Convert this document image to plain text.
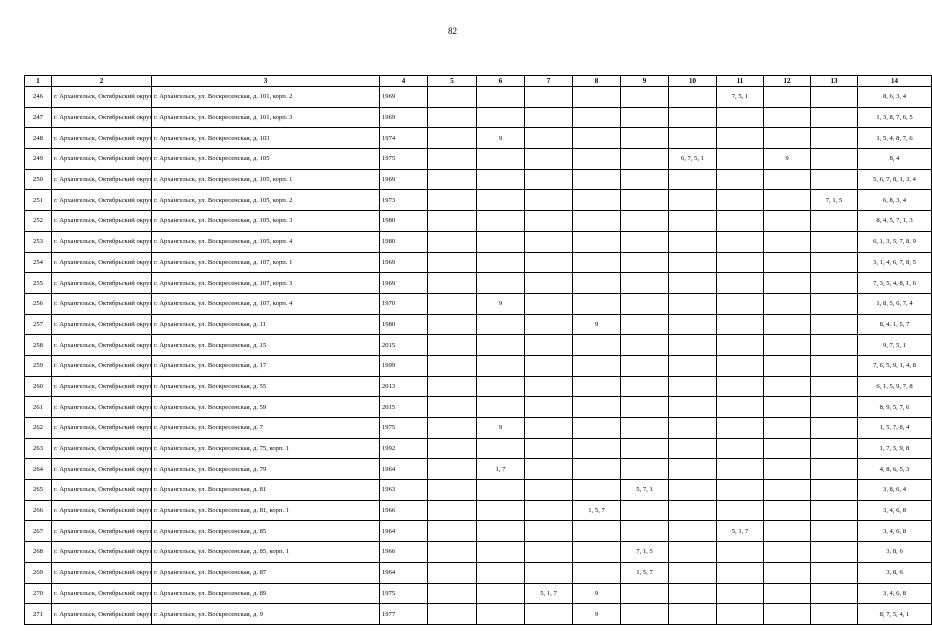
82
1	2	3	4	5	6	7	8	9	10	11	12	13	14
246	г. Архангельск, Октябрьский округ	г. Архангельск, ул. Воскресенская, д. 101, корп. 2	1969							7, 5, 1			8, 6, 3, 4
247	г. Архангельск, Октябрьский округ	г. Архангельск, ул. Воскресенская, д. 101, корп. 3	1969										1, 3, 8, 7, 6, 5
248	г. Архангельск, Октябрьский округ	г. Архангельск, ул. Воскресенская, д. 103	1974		9								1, 5, 4, 8, 7, 6
249	г. Архангельск, Октябрьский округ	г. Архангельск, ул. Воскресенская, д. 105	1975						6, 7, 5, 1		9		8, 4
250	г. Архангельск, Октябрьский округ	г. Архангельск, ул. Воскресенская, д. 105, корп. 1	1969										5, 6, 7, 8, 1, 3, 4
251	г. Архангельск, Октябрьский округ	г. Архангельск, ул. Воскресенская, д. 105, корп. 2	1973									7, 1, 5	6, 8, 3, 4
252	г. Архангельск, Октябрьский округ	г. Архангельск, ул. Воскресенская, д. 105, корп. 3	1980										8, 4, 5, 7, 1, 3
253	г. Архангельск, Октябрьский округ	г. Архангельск, ул. Воскресенская, д. 105, корп. 4	1980										6, 1, 3, 5, 7, 8, 9
254	г. Архангельск, Октябрьский округ	г. Архангельск, ул. Воскресенская, д. 107, корп. 1	1969										3, 1, 4, 6, 7, 8, 5
255	г. Архангельск, Октябрьский округ	г. Архангельск, ул. Воскресенская, д. 107, корп. 3	1969										7, 3, 5, 4, 8, 1, 6
256	г. Архангельск, Октябрьский округ	г. Архангельск, ул. Воскресенская, д. 107, корп. 4	1970		9								1, 8, 5, 6, 7, 4
257	г. Архангельск, Октябрьский округ	г. Архангельск, ул. Воскресенская, д. 11	1980				9						8, 4. 1, 5, 7
258	г. Архангельск, Октябрьский округ	г. Архангельск, ул. Воскресенская, д. 15	2015										9, 7, 5, 1
259	г. Архангельск, Октябрьский округ	г. Архангельск, ул. Воскресенская, д. 17	1999										7, 6, 5, 9, 1, 4, 8
260	г. Архангельск, Октябрьский округ	г. Архангельск, ул. Воскресенская, д. 55	2013										6, 1, 5, 9, 7, 8
261	г. Архангельск, Октябрьский округ	г. Архангельск, ул. Воскресенская, д. 59	2015										8, 9, 5, 7, 6
262	г. Архангельск, Октябрьский округ	г. Архангельск, ул. Воскресенская, д. 7	1975		9								1, 5, 7, 8, 4
263	г. Архангельск, Октябрьский округ	г. Архангельск, ул. Воскресенская, д. 75, корп. 1	1992										1, 7, 5, 9, 8
264	г. Архангельск, Октябрьский округ	г. Архангельск, ул. Воскресенская, д. 79	1964		1, 7								4, 8, 6, 5, 3
265	г. Архангельск, Октябрьский округ	г. Архангельск, ул. Воскресенская, д. 81	1963					5, 7, 1					3, 8, 6, 4
266	г. Архангельск, Октябрьский округ	г. Архангельск, ул. Воскресенская, д. 81, корп. 1	1966				1, 5, 7						3, 4, 6, 8
267	г. Архангельск, Октябрьский округ	г. Архангельск, ул. Воскресенская, д. 85	1964							5, 1, 7			3, 4, 6, 8
268	г. Архангельск, Октябрьский округ	г. Архангельск, ул. Воскресенская, д. 85, корп. 1	1966					7, 1, 5					3, 8, 6
269	г. Архангельск, Октябрьский округ	г. Архангельск, ул. Воскресенская, д. 87	1964					1, 5, 7					3, 8, 6
270	г. Архангельск, Октябрьский округ	г. Архангельск, ул. Воскресенская, д. 89	1975			5, 1, 7	9						3, 4, 6, 8
271	г. Архангельск, Октябрьский округ	г. Архангельск, ул. Воскресенская, д. 9	1977				9						8, 7, 5, 4, 1
